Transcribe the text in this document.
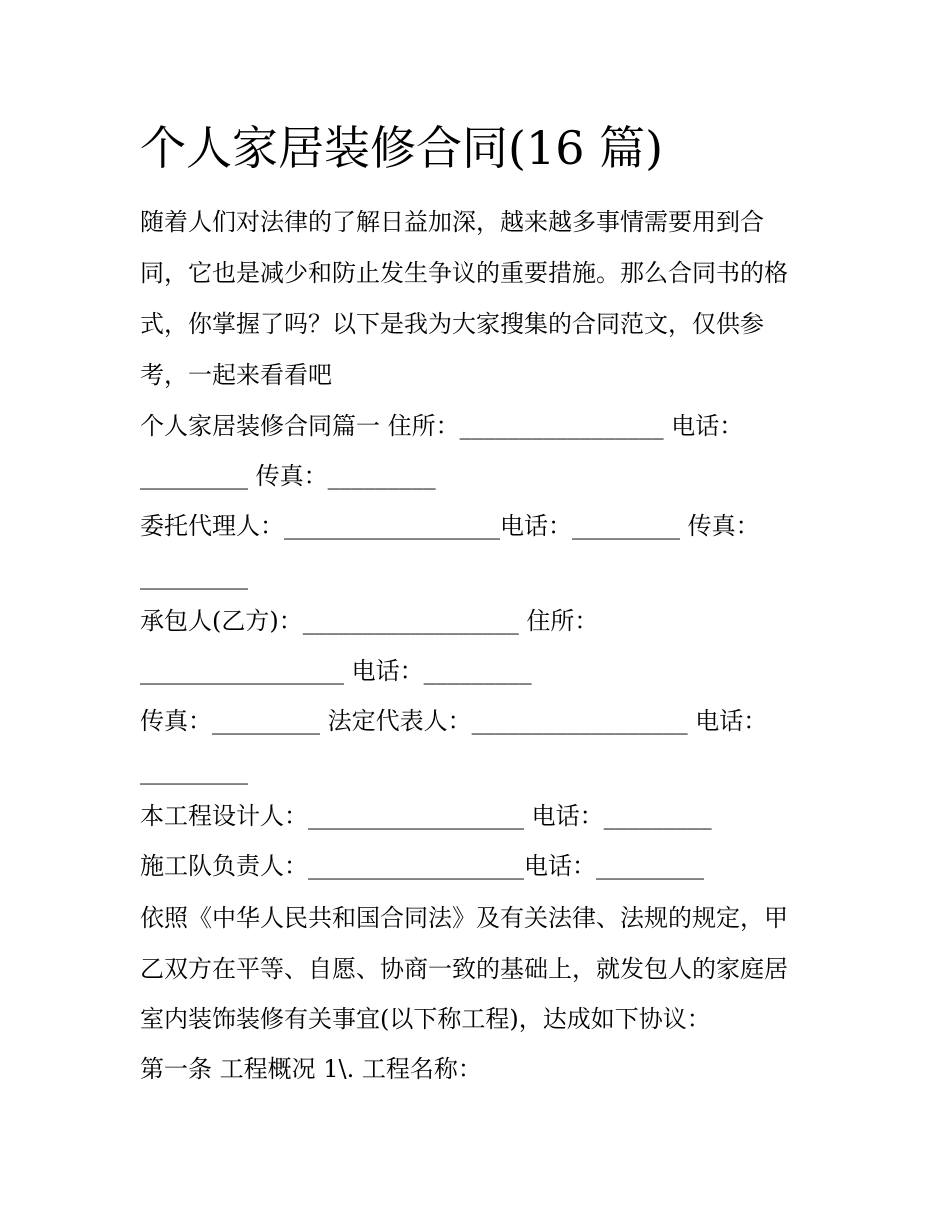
个人家居装修合同(16 篇)
随着人们对法律的了解日益加深，越来越多事情需要用到合
同，它也是减少和防止发生争议的重要措施。那么合同书的格
式，你掌握了吗？以下是我为大家搜集的合同范文，仅供参
考，一起来看看吧
个人家居装修合同篇一 住所：_________________ 电话：
_________ 传真：_________
委托代理人：__________________电话：_________ 传真：
_________
承包人(乙方)：__________________ 住所：
_________________ 电话：_________
传真：_________ 法定代表人：__________________ 电话：
_________
本工程设计人：__________________ 电话：_________
施工队负责人：__________________电话：_________
依照《中华人民共和国合同法》及有关法律、法规的规定，甲
乙双方在平等、自愿、协商一致的基础上，就发包人的家庭居
室内装饰装修有关事宜(以下称工程)，达成如下协议：
第一条 工程概况 1\. 工程名称：
